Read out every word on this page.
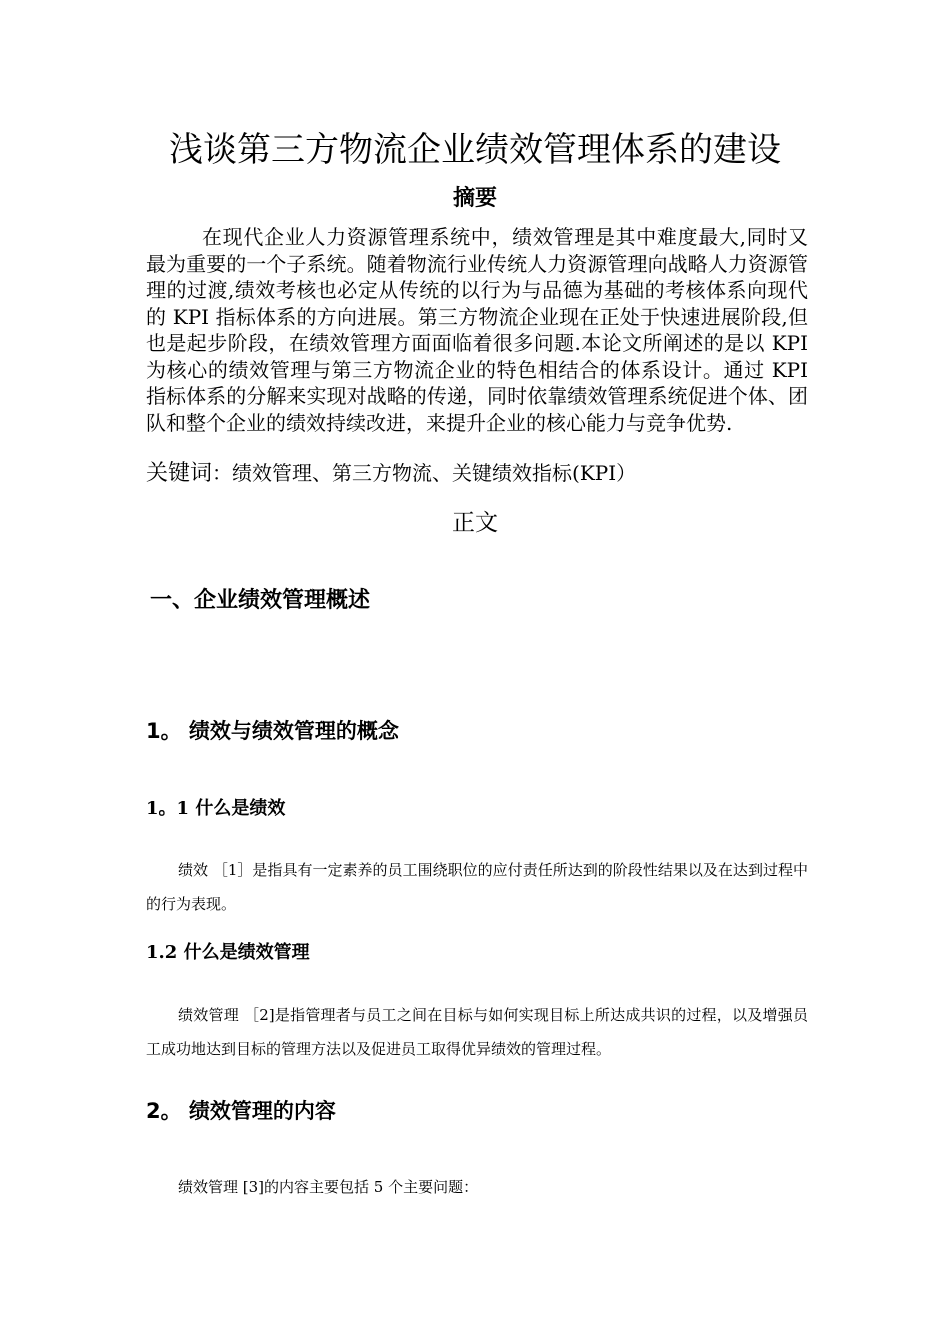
浅谈第三方物流企业绩效管理体系的建设
摘要

在现代企业人力资源管理系统中，绩效管理是其中难度最大,同时又最为重要的一个子系统。随着物流行业传统人力资源管理向战略人力资源管理的过渡,绩效考核也必定从传统的以行为与品德为基础的考核体系向现代的 KPI 指标体系的方向进展。第三方物流企业现在正处于快速进展阶段,但也是起步阶段，在绩效管理方面面临着很多问题.本论文所阐述的是以 KPI 为核心的绩效管理与第三方物流企业的特色相结合的体系设计。通过 KPI 指标体系的分解来实现对战略的传递，同时依靠绩效管理系统促进个体、团队和整个企业的绩效持续改进，来提升企业的核心能力与竞争优势.

关键词：绩效管理、第三方物流、关键绩效指标(KPI）
正文
一、企业绩效管理概述
1。 绩效与绩效管理的概念
1。1 什么是绩效

绩效 ［1］是指具有一定素养的员工围绕职位的应付责任所达到的阶段性结果以及在达到过程中的行为表现。

1.2 什么是绩效管理

绩效管理 ［2]是指管理者与员工之间在目标与如何实现目标上所达成共识的过程，以及增强员工成功地达到目标的管理方法以及促进员工取得优异绩效的管理过程。

2。 绩效管理的内容

绩效管理 [3]的内容主要包括 5 个主要问题：
